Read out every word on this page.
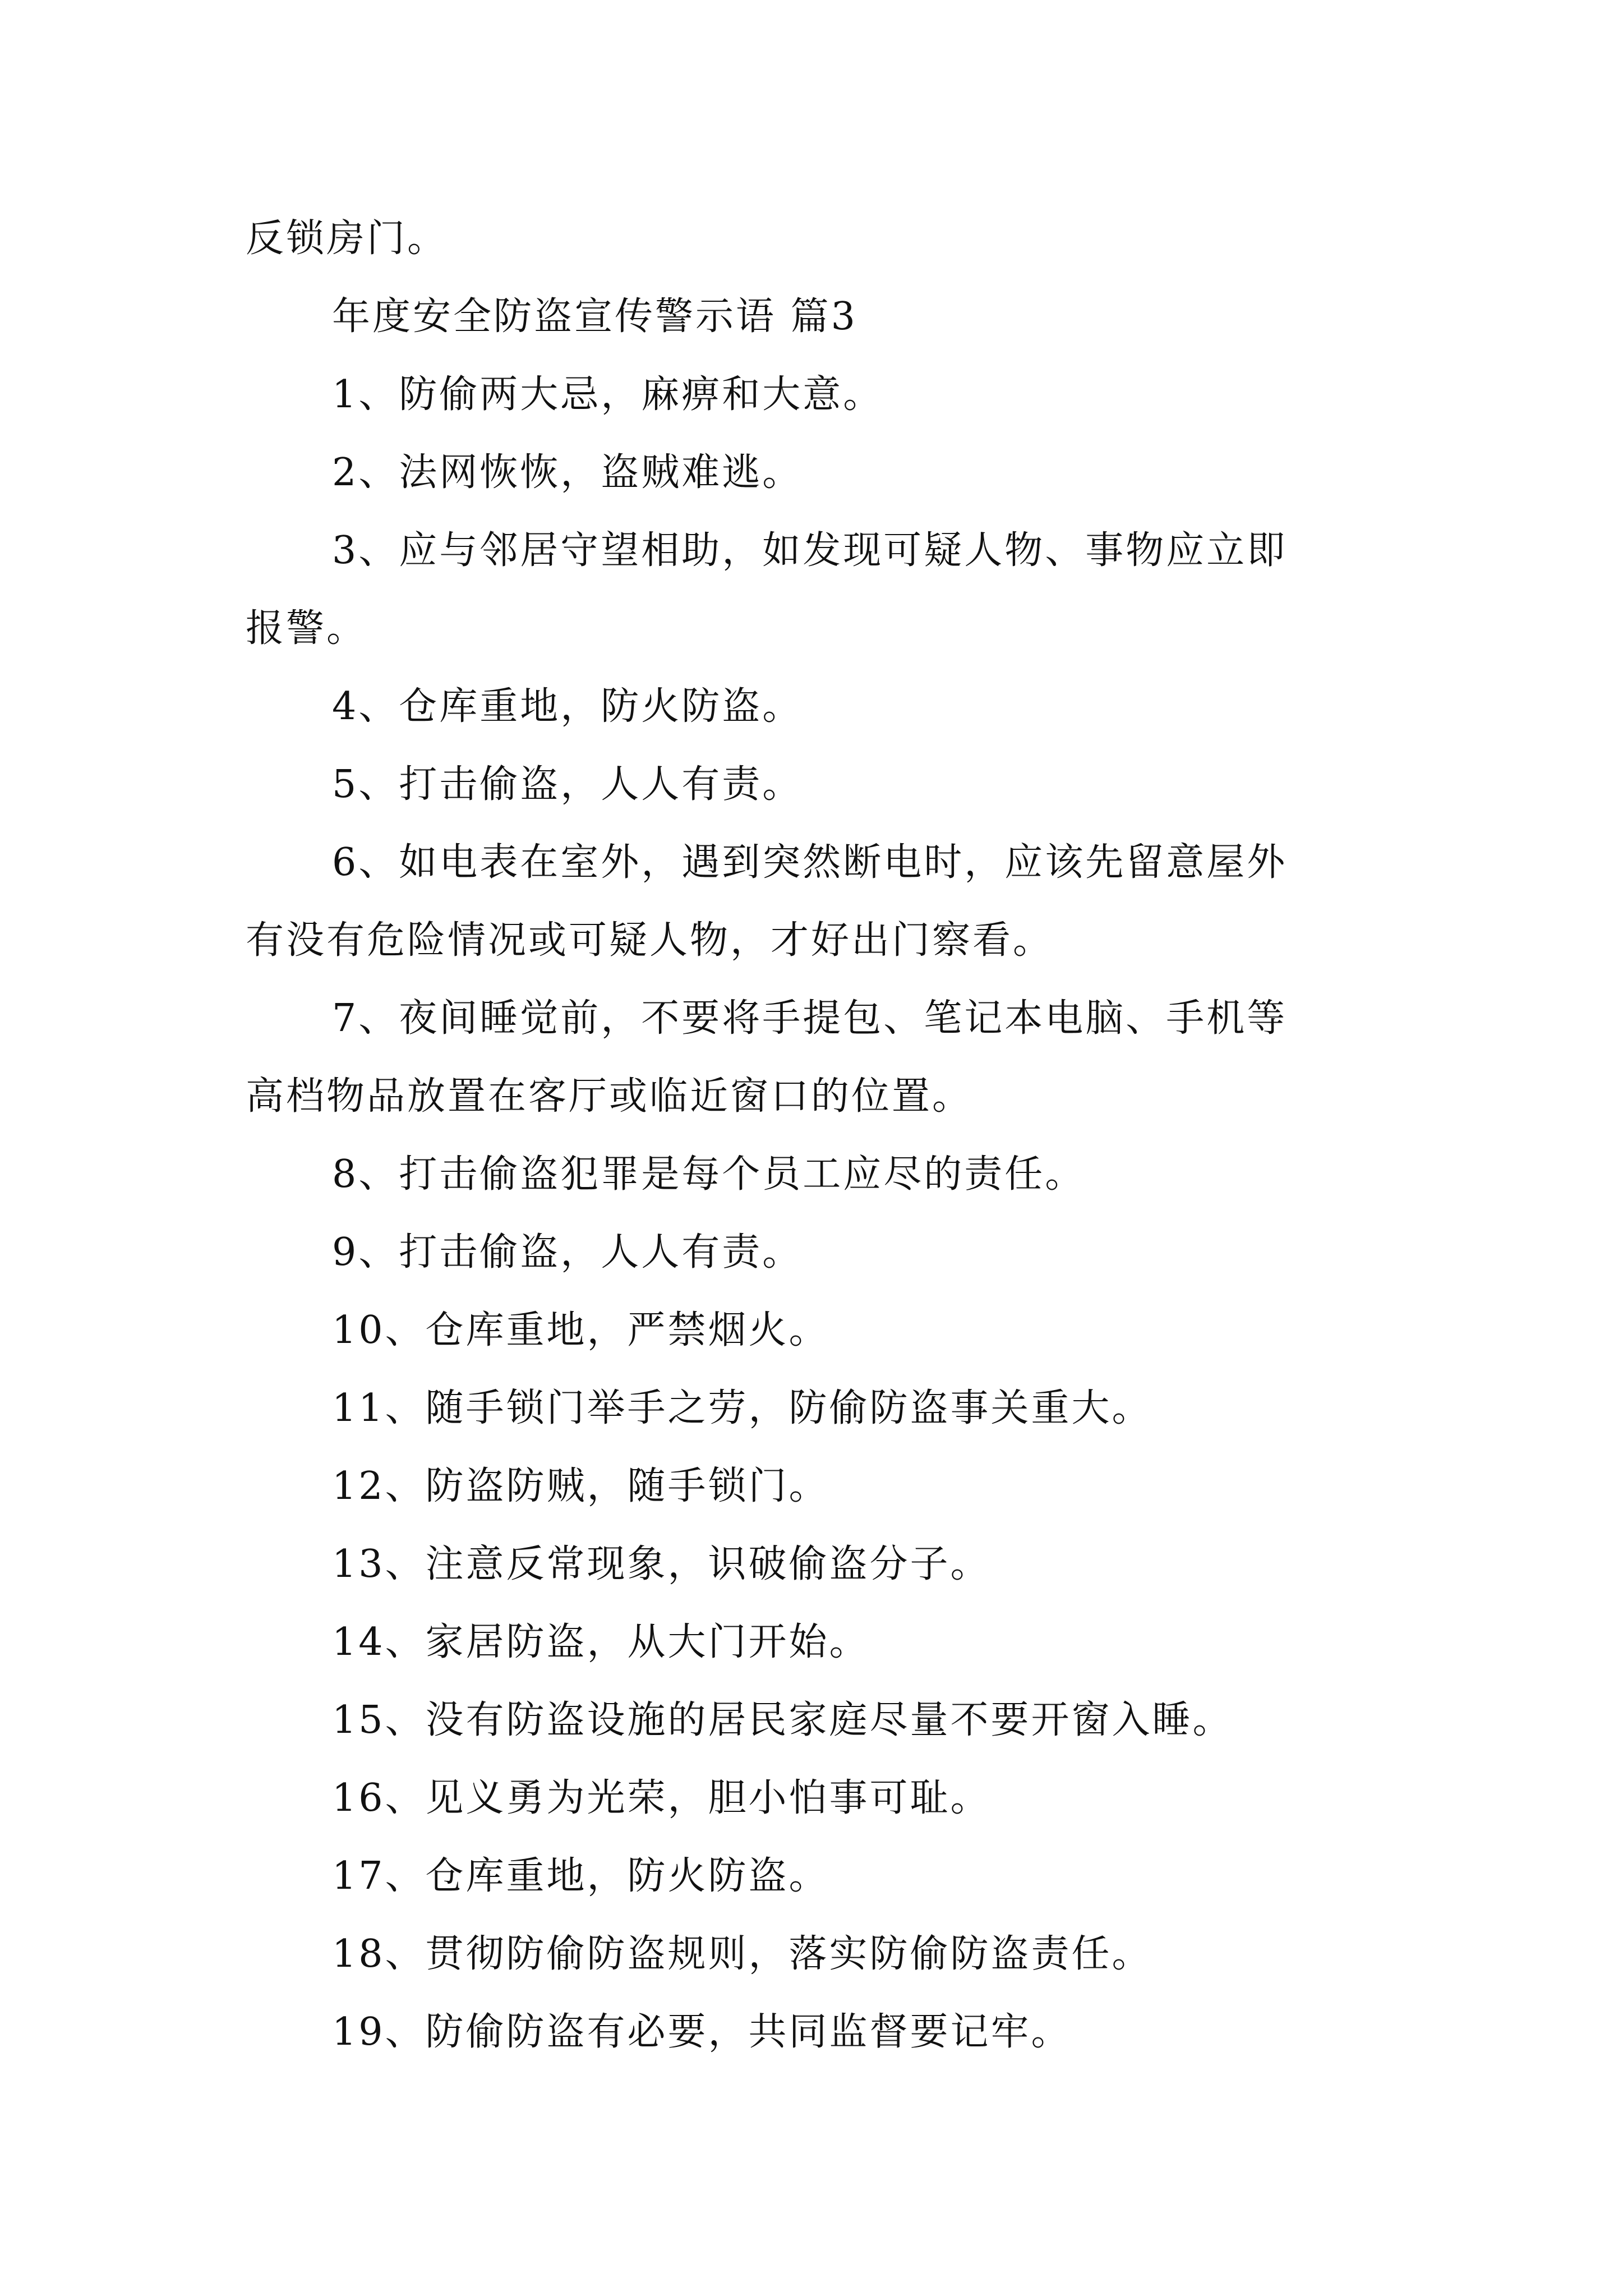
反锁房门。
年度安全防盗宣传警示语 篇3
1、防偷两大忌，麻痹和大意。
2、法网恢恢，盗贼难逃。
3、应与邻居守望相助，如发现可疑人物、事物应立即
报警。
4、仓库重地，防火防盗。
5、打击偷盗，人人有责。
6、如电表在室外，遇到突然断电时，应该先留意屋外
有没有危险情况或可疑人物，才好出门察看。
7、夜间睡觉前，不要将手提包、笔记本电脑、手机等
高档物品放置在客厅或临近窗口的位置。
8、打击偷盗犯罪是每个员工应尽的责任。
9、打击偷盗，人人有责。
10、仓库重地，严禁烟火。
11、随手锁门举手之劳，防偷防盗事关重大。
12、防盗防贼，随手锁门。
13、注意反常现象，识破偷盗分子。
14、家居防盗，从大门开始。
15、没有防盗设施的居民家庭尽量不要开窗入睡。
16、见义勇为光荣，胆小怕事可耻。
17、仓库重地，防火防盗。
18、贯彻防偷防盗规则，落实防偷防盗责任。
19、防偷防盗有必要，共同监督要记牢。
